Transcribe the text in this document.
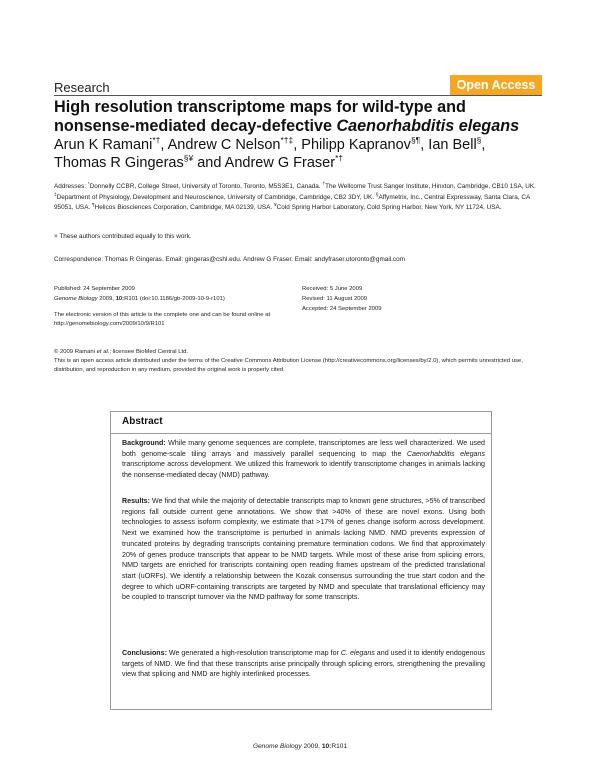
Research	Open Access
High resolution transcriptome maps for wild-type and
nonsense-mediated decay-defective Caenorhabditis elegans
Arun K Ramani*†, Andrew C Nelson*†‡, Philipp Kapranov§¶, Ian Bell§,
Thomas R Gingeras§¥ and Andrew G Fraser*†
Addresses: *Donnelly CCBR, College Street, University of Toronto, Toronto, M5S3E1, Canada. †The Wellcome Trust Sanger Institute, Hinxton, Cambridge, CB10 1SA, UK. ‡Department of Physiology, Development and Neuroscience, University of Cambridge, Cambridge, CB2 3DY, UK. §Affymetrix, Inc., Central Expressway, Santa Clara, CA 95051, USA. ¶Helicos Biosciences Corporation, Cambridge, MA 02139, USA. ¥Cold Spring Harbor Laboratory, Cold Spring Harbor, New York, NY 11724, USA.
× These authors contributed equally to this work.
Correspondence: Thomas R Gingeras. Email: gingeras@cshl.edu. Andrew G Fraser. Email: andyfraser.utoronto@gmail.com
Published: 24 September 2009
Genome Biology 2009, 10:R101 (doi:10.1186/gb-2009-10-9-r101)
The electronic version of this article is the complete one and can be found online at http://genomebiology.com/2009/10/9/R101
Received: 5 June 2009
Revised: 11 August 2009
Accepted: 24 September 2009
© 2009 Ramani et al.; licensee BioMed Central Ltd.
This is an open access article distributed under the terms of the Creative Commons Attribution License (http://creativecommons.org/licenses/by/2.0), which permits unrestricted use, distribution, and reproduction in any medium, provided the original work is properly cited.
Abstract
Background: While many genome sequences are complete, transcriptomes are less well characterized. We used both genome-scale tiling arrays and massively parallel sequencing to map the Caenorhabditis elegans transcriptome across development. We utilized this framework to identify transcriptome changes in animals lacking the nonsense-mediated decay (NMD) pathway.
Results: We find that while the majority of detectable transcripts map to known gene structures, >5% of transcribed regions fall outside current gene annotations. We show that >40% of these are novel exons. Using both technologies to assess isoform complexity, we estimate that >17% of genes change isoform across development. Next we examined how the transcriptome is perturbed in animals lacking NMD. NMD prevents expression of truncated proteins by degrading transcripts containing premature termination codons. We find that approximately 20% of genes produce transcripts that appear to be NMD targets. While most of these arise from splicing errors, NMD targets are enriched for transcripts containing open reading frames upstream of the predicted translational start (uORFs). We identify a relationship between the Kozak consensus surrounding the true start codon and the degree to which uORF-containing transcripts are targeted by NMD and speculate that translational efficiency may be coupled to transcript turnover via the NMD pathway for some transcripts.
Conclusions: We generated a high-resolution transcriptome map for C. elegans and used it to identify endogenous targets of NMD. We find that these transcripts arise principally through splicing errors, strengthening the prevailing view that splicing and NMD are highly interlinked processes.
Genome Biology 2009, 10:R101
